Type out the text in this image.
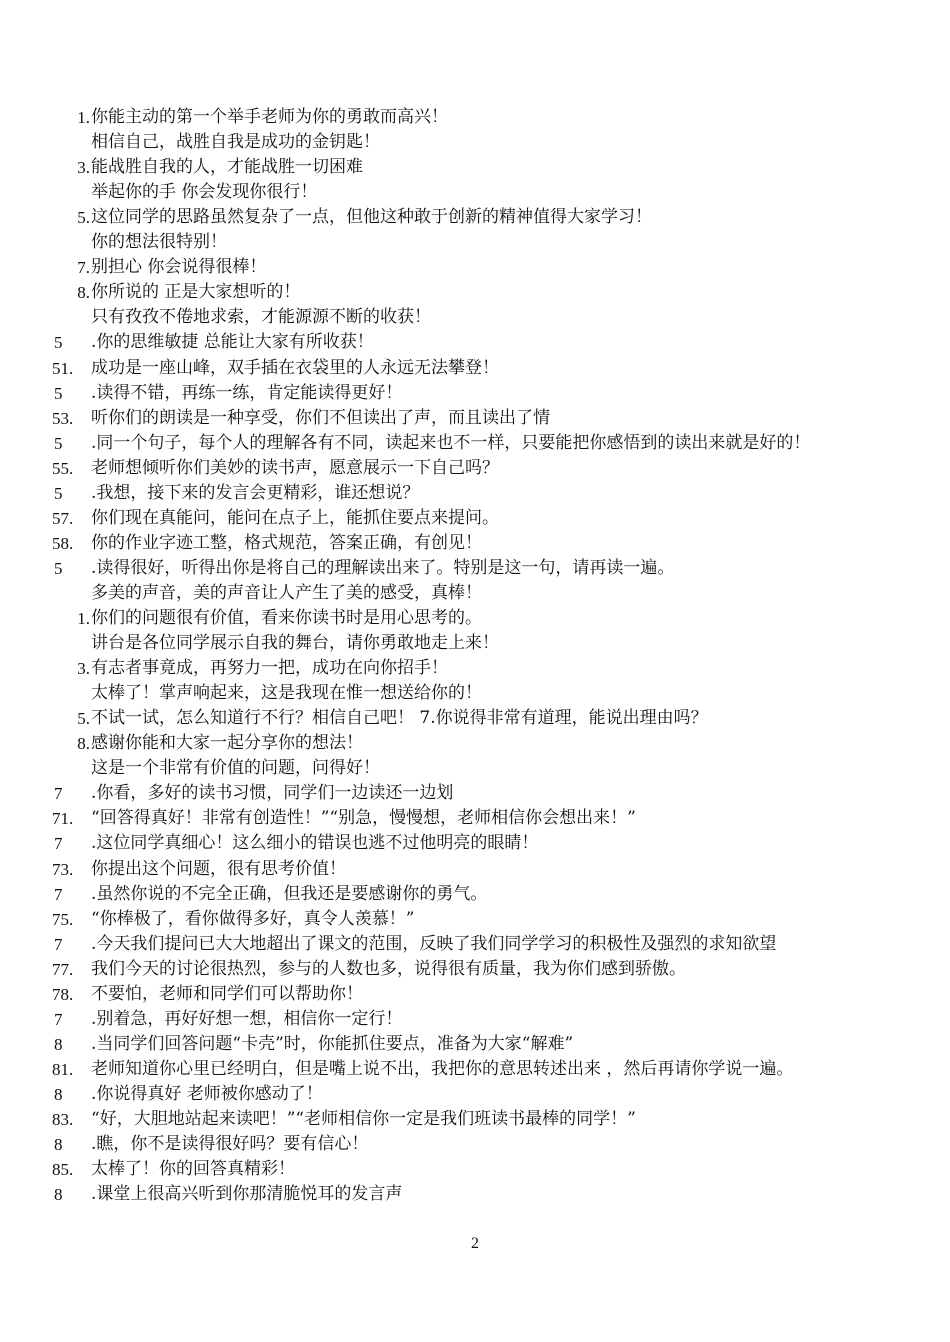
1. 你能主动的第一个举手老师为你的勇敢而高兴！
相信自己，战胜自我是成功的金钥匙！
3. 能战胜自我的人，才能战胜一切困难
举起你的手 你会发现你很行！
5. 这位同学的思路虽然复杂了一点，但他这种敢于创新的精神值得大家学习！
你的想法很特别！
7. 别担心 你会说得很棒！
8. 你所说的 正是大家想听的！
只有孜孜不倦地求索，才能源源不断的收获！
5 .你的思维敏捷 总能让大家有所收获！
51. 成功是一座山峰，双手插在衣袋里的人永远无法攀登！
5 .读得不错，再练一练，肯定能读得更好！
53. 听你们的朗读是一种享受，你们不但读出了声，而且读出了情
5 .同一个句子，每个人的理解各有不同，读起来也不一样，只要能把你感悟到的读出来就是好的！
55. 老师想倾听你们美妙的读书声，愿意展示一下自己吗？
5 .我想，接下来的发言会更精彩，谁还想说？
57. 你们现在真能问，能问在点子上，能抓住要点来提问。
58. 你的作业字迹工整，格式规范，答案正确，有创见！
5 .读得很好，听得出你是将自己的理解读出来了。特别是这一句，请再读一遍。
多美的声音，美的声音让人产生了美的感受，真棒！
1. 你们的问题很有价值，看来你读书时是用心思考的。
讲台是各位同学展示自我的舞台，请你勇敢地走上来！
3. 有志者事竟成，再努力一把，成功在向你招手！
太棒了！掌声响起来，这是我现在惟一想送给你的！
5. 不试一试，怎么知道行不行？相信自己吧！ 7.你说得非常有道理，能说出理由吗？
8. 感谢你能和大家一起分享你的想法！
这是一个非常有价值的问题，问得好！
7 .你看，多好的读书习惯，同学们一边读还一边划
71. “回答得真好！非常有创造性！”“别急，慢慢想，老师相信你会想出来！”
7 .这位同学真细心！这么细小的错误也逃不过他明亮的眼睛！
73. 你提出这个问题，很有思考价值！
7 .虽然你说的不完全正确，但我还是要感谢你的勇气。
75. “你棒极了，看你做得多好，真令人羡慕！”
7 .今天我们提问已大大地超出了课文的范围，反映了我们同学学习的积极性及强烈的求知欲望
77. 我们今天的讨论很热烈，参与的人数也多，说得很有质量，我为你们感到骄傲。
78. 不要怕，老师和同学们可以帮助你！
7 .别着急，再好好想一想，相信你一定行！
8 .当同学们回答问题“卡壳”时，你能抓住要点，准备为大家“解难”
81. 老师知道你心里已经明白，但是嘴上说不出，我把你的意思转述出来 ，然后再请你学说一遍。
8 .你说得真好 老师被你感动了！
83. “好，大胆地站起来读吧！”“老师相信你一定是我们班读书最棒的同学！”
8 .瞧，你不是读得很好吗？要有信心！
85. 太棒了！你的回答真精彩！
8 .课堂上很高兴听到你那清脆悦耳的发言声
2
